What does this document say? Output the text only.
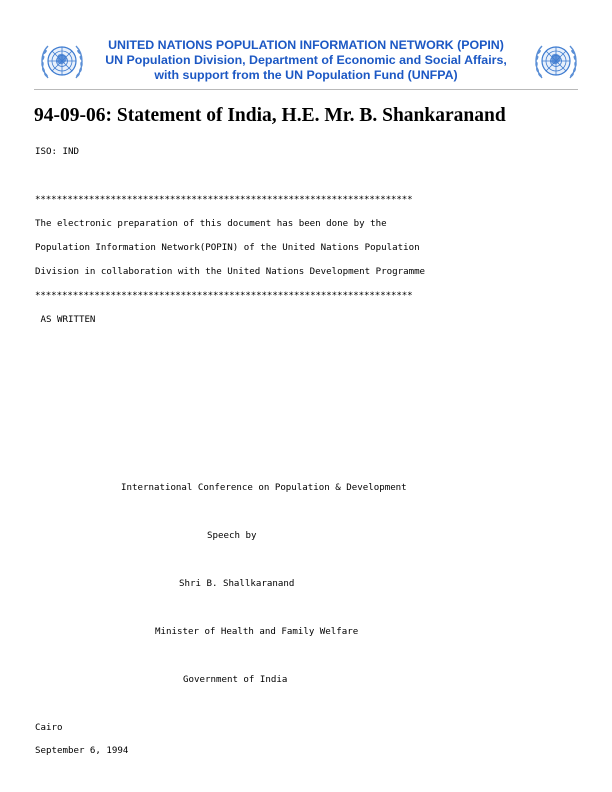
UNITED NATIONS POPULATION INFORMATION NETWORK (POPIN)
UN Population Division, Department of Economic and Social Affairs,
with support from the UN Population Fund (UNFPA)
94-09-06: Statement of India, H.E. Mr. B. Shankaranand

ISO: IND

**********************************************************************

The electronic preparation of this document has been done by the

Population Information Network(POPIN) of the United Nations Population

Division in collaboration with the United Nations Development Programme

**********************************************************************

AS WRITTEN

International Conference on Population & Development

Speech by

Shri B. Shallkaranand

Minister of Health and Family Welfare

Government of India

Cairo

September 6, 1994
